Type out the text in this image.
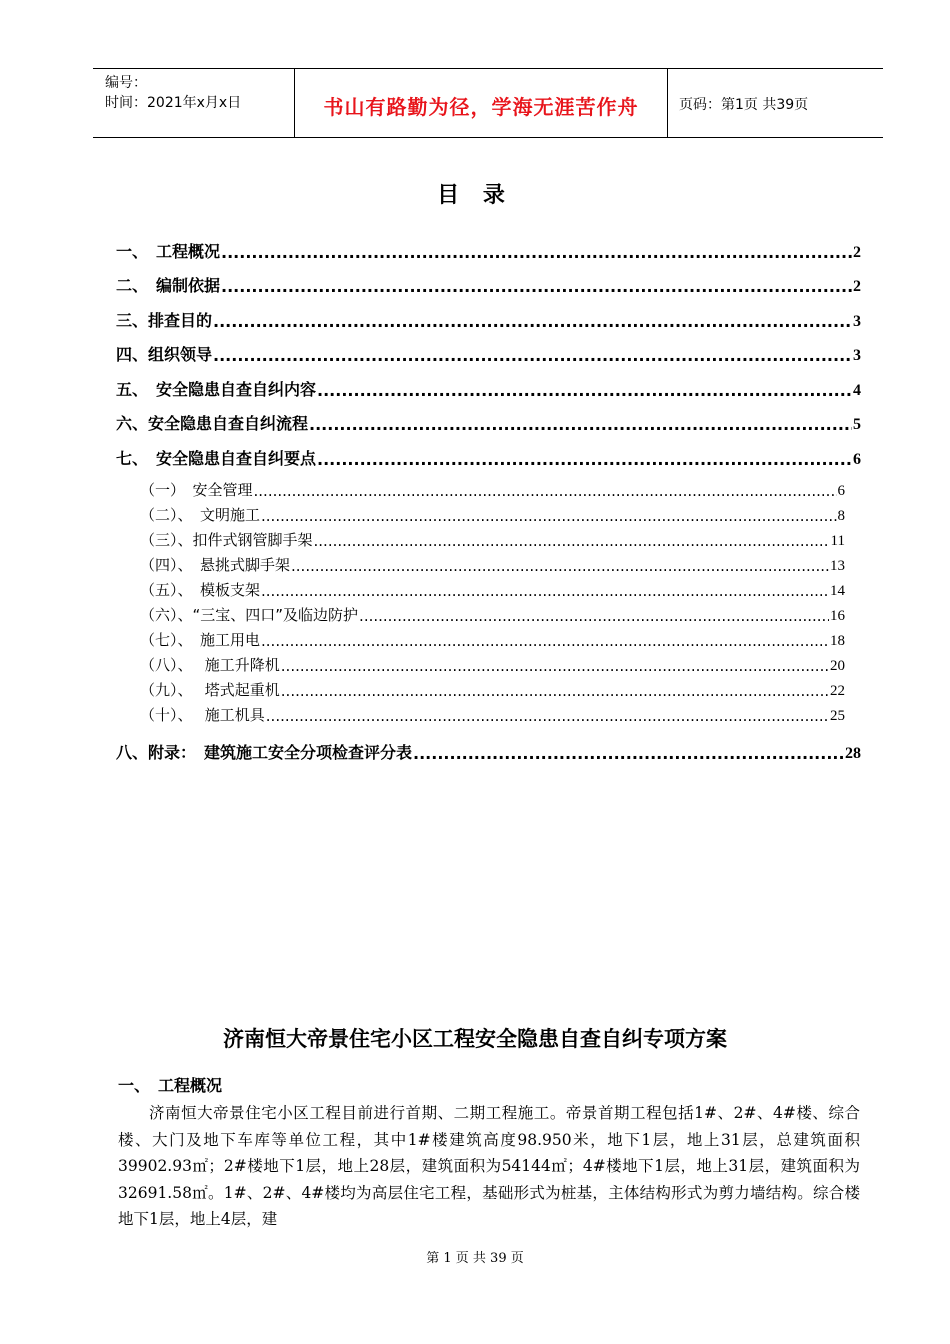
编号：
时间：2021年x月x日	书山有路勤为径，学海无涯苦作舟	页码：第1页 共39页
目 录
一、　工程概况 .....	2
二、　编制依据 .....	2
三、排查目的 .....	3
四、组织领导 .....	3
五、　安全隐患自查自纠内容 .....	4
六、安全隐患自查自纠流程 .....	5
七、　安全隐患自查自纠要点 .....	6
（一）　安全管理 .....	6
（二）、　文明施工 .....	8
（三）、扣件式钢管脚手架 .....	11
（四）、　悬挑式脚手架 .....	13
（五）、　模板支架 .....	14
（六）、“三宝、四口”及临边防护 .....	16
（七）、　施工用电 .....	18
（八）、　 施工升降机 .....	20
（九）、　 塔式起重机 .....	22
（十）、　 施工机具 .....	25
八、附录：　建筑施工安全分项检查评分表 .....	28
济南恒大帝景住宅小区工程安全隐患自查自纠专项方案
一、　工程概况
济南恒大帝景住宅小区工程目前进行首期、二期工程施工。帝景首期工程包括1#、2#、4#楼、综合楼、大门及地下车库等单位工程，其中1#楼建筑高度98.950米，地下1层，地上31层，总建筑面积39902.93㎡；2#楼地下1层，地上28层，建筑面积为54144㎡；4#楼地下1层，地上31层，建筑面积为32691.58㎡。1#、2#、4#楼均为高层住宅工程，基础形式为桩基，主体结构形式为剪力墙结构。综合楼地下1层，地上4层，建
第 1 页 共 39 页
